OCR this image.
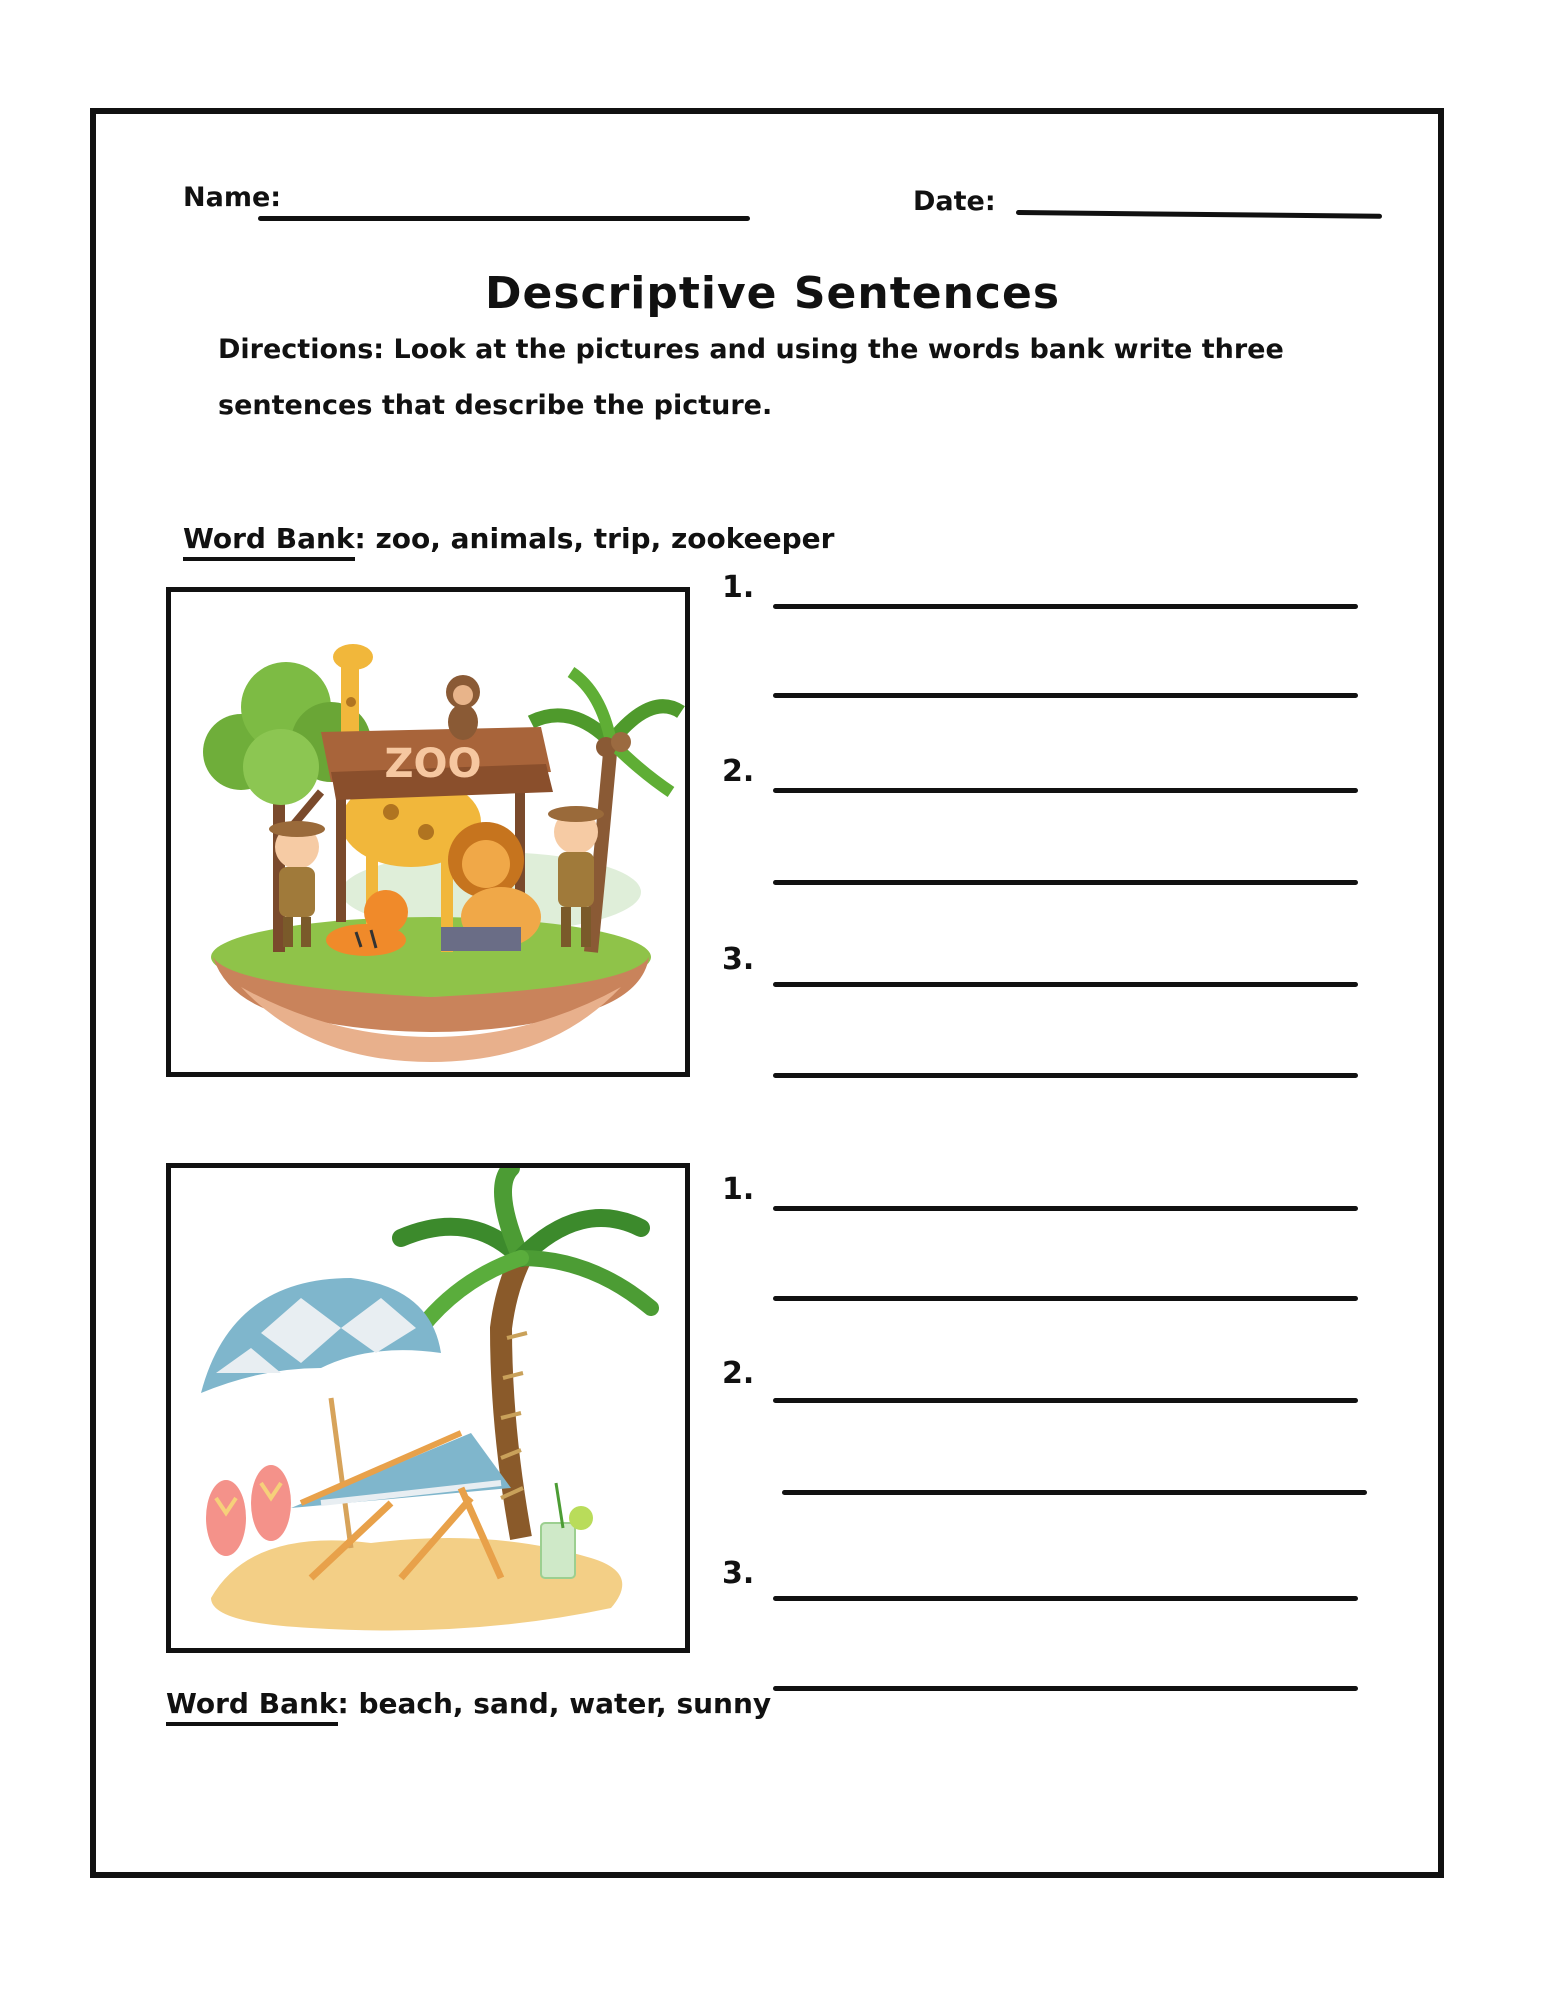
Name:	Date:
Descriptive Sentences
Directions: Look at the pictures and using the words bank write three sentences that describe the picture.
Word Bank: zoo, animals, trip, zookeeper
ZOO
1.
2.
3.
Word Bank: beach, sand, water, sunny
1.
2.
3.
